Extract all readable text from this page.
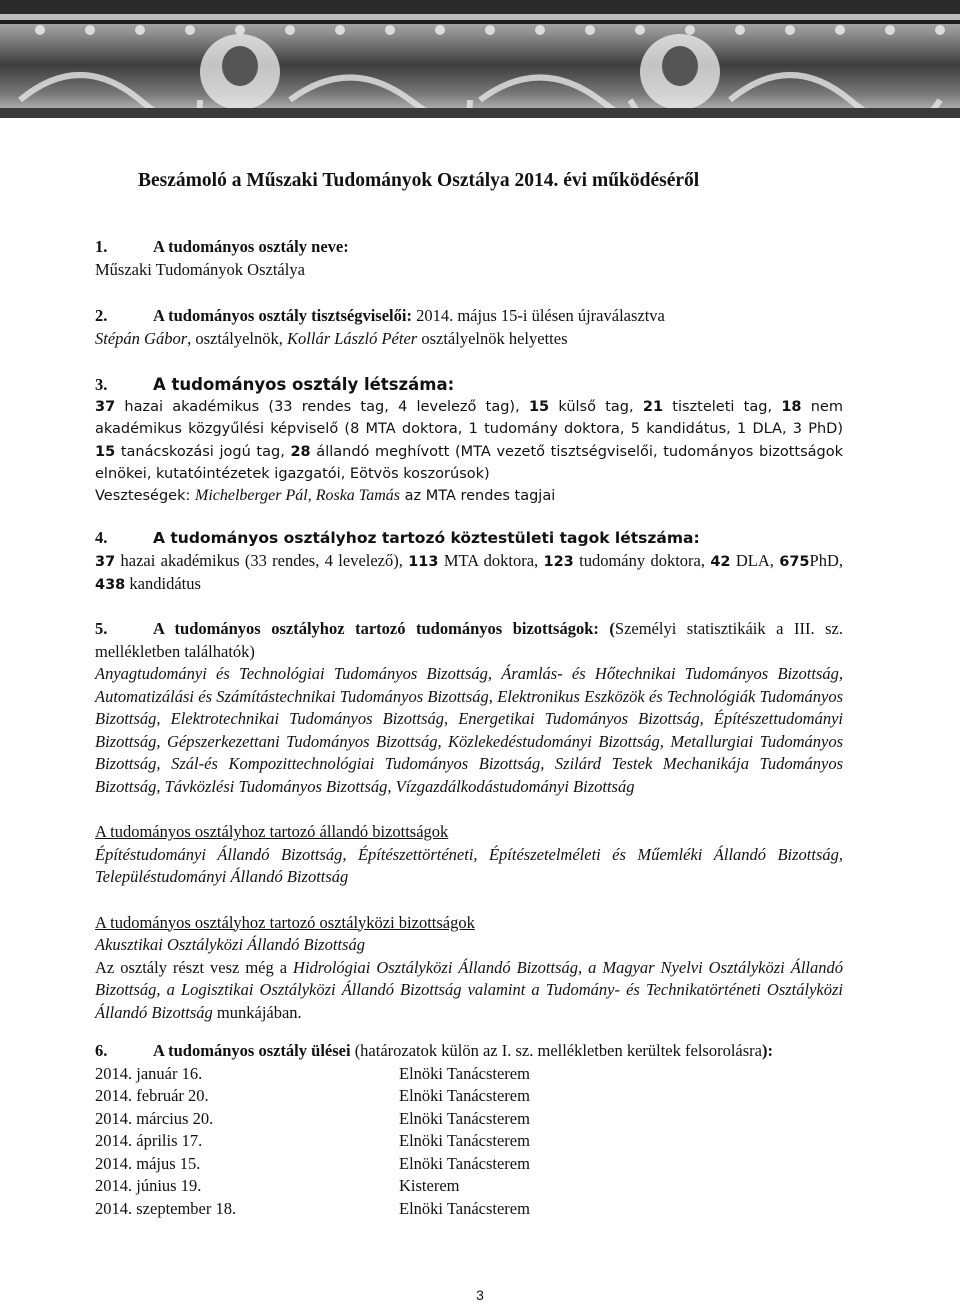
Beszámoló a Műszaki Tudományok Osztálya 2014. évi működéséről
1.	A tudományos osztály neve:
Műszaki Tudományok Osztálya
2.	A tudományos osztály tisztségviselői: 2014. május 15-i ülésen újraválasztva
Stépán Gábor, osztályelnök, Kollár László Péter osztályelnök helyettes
3.	A tudományos osztály létszáma:
37 hazai akadémikus (33 rendes tag, 4 levelező tag), 15 külső tag, 21 tiszteleti tag, 18 nem akadémikus közgyűlési képviselő (8 MTA doktora, 1 tudomány doktora, 5 kandidátus, 1 DLA, 3 PhD) 15 tanácskozási jogú tag, 28 állandó meghívott (MTA vezető tisztségviselői, tudományos bizottságok elnökei, kutatóintézetek igazgatói, Eötvös koszorúsok)
Veszteségek: Michelberger Pál, Roska Tamás az MTA rendes tagjai
4.	A tudományos osztályhoz tartozó köztestületi tagok létszáma:
37 hazai akadémikus (33 rendes, 4 levelező), 113 MTA doktora, 123 tudomány doktora, 42 DLA, 675PhD, 438 kandidátus
5.	A tudományos osztályhoz tartozó tudományos bizottságok: (Személyi statisztikáik a III. sz. mellékletben találhatók)
Anyagtudományi és Technológiai Tudományos Bizottság, Áramlás- és Hőtechnikai Tudományos Bizottság, Automatizálási és Számítástechnikai Tudományos Bizottság, Elektronikus Eszközök és Technológiák Tudományos Bizottság, Elektrotechnikai Tudományos Bizottság, Energetikai Tudományos Bizottság, Építészettudományi Bizottság, Gépszerkezettani Tudományos Bizottság, Közlekedéstudományi Bizottság, Metallurgiai Tudományos Bizottság, Szál-és Kompozittechnológiai Tudományos Bizottság, Szilárd Testek Mechanikája Tudományos Bizottság, Távközlési Tudományos Bizottság, Vízgazdálkodástudományi Bizottság
A tudományos osztályhoz tartozó állandó bizottságok
Építéstudományi Állandó Bizottság, Építészettörténeti, Építészetelméleti és Műemléki Állandó Bizottság, Településtudományi Állandó Bizottság
A tudományos osztályhoz tartozó osztályközi bizottságok
Akusztikai Osztályközi Állandó Bizottság
Az osztály részt vesz még a Hidrológiai Osztályközi Állandó Bizottság, a Magyar Nyelvi Osztályközi Állandó Bizottság, a Logisztikai Osztályközi Állandó Bizottság valamint a Tudomány- és Technikatörténeti Osztályközi Állandó Bizottság munkájában.
6.	A tudományos osztály ülései (határozatok külön az I. sz. mellékletben kerültek felsorolásra):
2014. január 16.	Elnöki Tanácsterem
2014. február 20.	Elnöki Tanácsterem
2014. március 20.	Elnöki Tanácsterem
2014. április 17.	Elnöki Tanácsterem
2014. május 15.	Elnöki Tanácsterem
2014. június 19.	Kisterem
2014. szeptember 18.	Elnöki Tanácsterem
3
